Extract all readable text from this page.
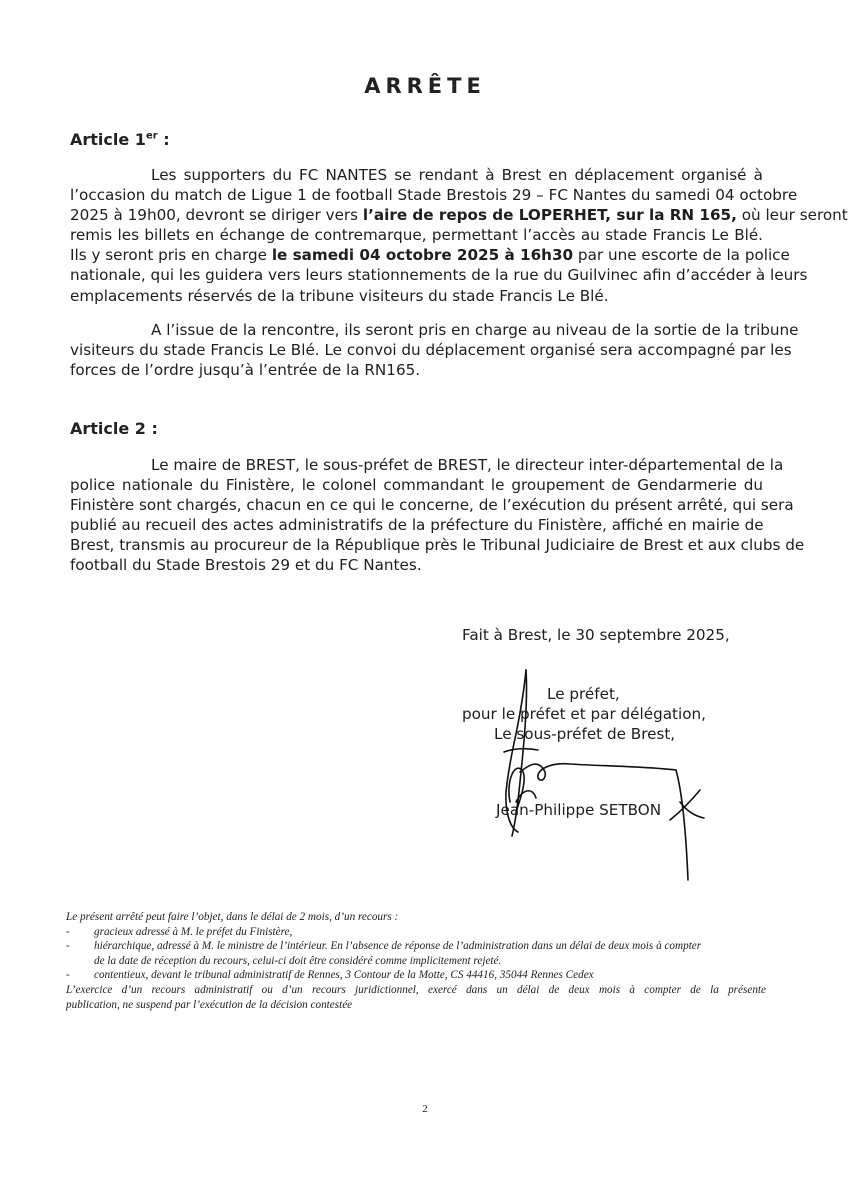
ARRÊTE
Article 1er :
Les supporters du FC NANTES se rendant à Brest en déplacement organisé à
l’occasion du match de Ligue 1 de football Stade Brestois 29 – FC Nantes du samedi 04 octobre
2025 à 19h00, devront se diriger vers l’aire de repos de LOPERHET, sur la RN 165, où leur seront
remis les billets en échange de contremarque, permettant l’accès au stade Francis Le Blé.
Ils y seront pris en charge le samedi 04 octobre 2025 à 16h30 par une escorte de la police
nationale, qui les guidera vers leurs stationnements de la rue du Guilvinec afin d’accéder à leurs
emplacements réservés de la tribune visiteurs du stade Francis Le Blé.
A l’issue de la rencontre, ils seront pris en charge au niveau de la sortie de la tribune
visiteurs du stade Francis Le Blé. Le convoi du déplacement organisé sera accompagné par les
forces de l’ordre jusqu’à l’entrée de la RN165.
Article 2 :
Le maire de BREST, le sous-préfet de BREST, le directeur inter-départemental de la
police nationale du Finistère, le colonel commandant le groupement de Gendarmerie du
Finistère sont chargés, chacun en ce qui le concerne, de l’exécution du présent arrêté, qui sera
publié au recueil des actes administratifs de la préfecture du Finistère, affiché en mairie de
Brest, transmis au procureur de la République près le Tribunal Judiciaire de Brest et aux clubs de
football du Stade Brestois 29 et du FC Nantes.
Fait à Brest, le 30 septembre 2025,
Le préfet,
pour le préfet et par délégation,
Le sous-préfet de Brest,
Jean-Philippe SETBON
Le présent arrêté peut faire l’objet, dans le délai de 2 mois, d’un recours :
-	gracieux adressé à M. le préfet du Finistère,
-	hiérarchique, adressé à M. le ministre de l’intérieur. En l’absence de réponse de l’administration dans un délai de deux mois à compter
de la date de réception du recours, celui-ci doit être considéré comme implicitement rejeté.
-	contentieux, devant le tribunal administratif de Rennes, 3 Contour de la Motte, CS 44416, 35044 Rennes Cedex
L’exercice d’un recours administratif ou d’un recours juridictionnel, exercé dans un délai de deux mois à compter de la présente
publication, ne suspend par l’exécution de la décision contestée
2
